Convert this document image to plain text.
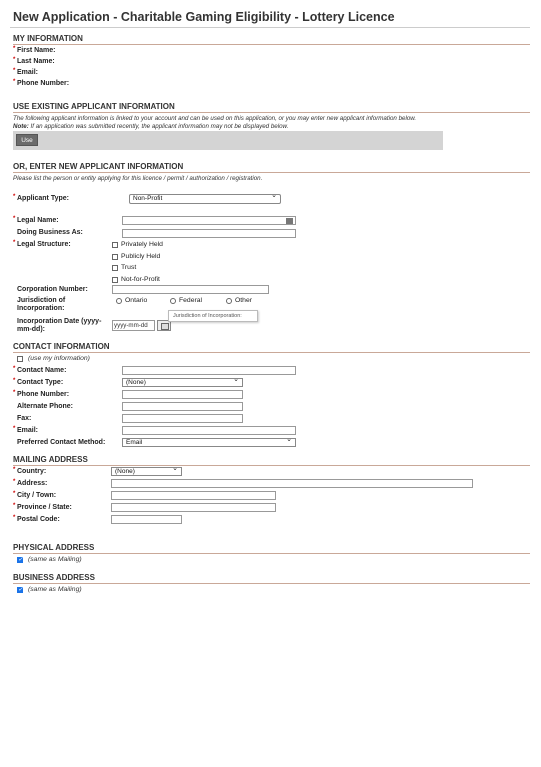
New Application - Charitable Gaming Eligibility - Lottery Licence
MY INFORMATION
* First Name:
* Last Name:
* Email:
* Phone Number:
USE EXISTING APPLICANT INFORMATION
The following applicant information is linked to your account and can be used on this application, or you may enter new applicant information below.
Note: If an application was submitted recently, the applicant information may not be displayed below.
Use
OR, ENTER NEW APPLICANT INFORMATION
Please list the person or entity applying for this licence / permit / authorization / registration.
* Applicant Type:	Non-Profit ⌄
* Legal Name:
Doing Business As:
* Legal Structure:	Privately Held
Publicly Held
Trust
Not-for-Profit
Corporation Number:
Jurisdiction of Incorporation:
Ontario	Federal	Other
Incorporation Date (yyyy-mm-dd):
yyyy-mm-dd
Jurisdiction of Incorporation:
CONTACT INFORMATION
(use my information)
* Contact Name:
* Contact Type:	(None) ⌄
* Phone Number:
Alternate Phone:
Fax:
* Email:
Preferred Contact Method:	Email ⌄
MAILING ADDRESS
* Country:	(None) ⌄
* Address:
* City / Town:
* Province / State:
* Postal Code:
PHYSICAL ADDRESS
✓
(same as Mailing)
BUSINESS ADDRESS
✓
(same as Mailing)
